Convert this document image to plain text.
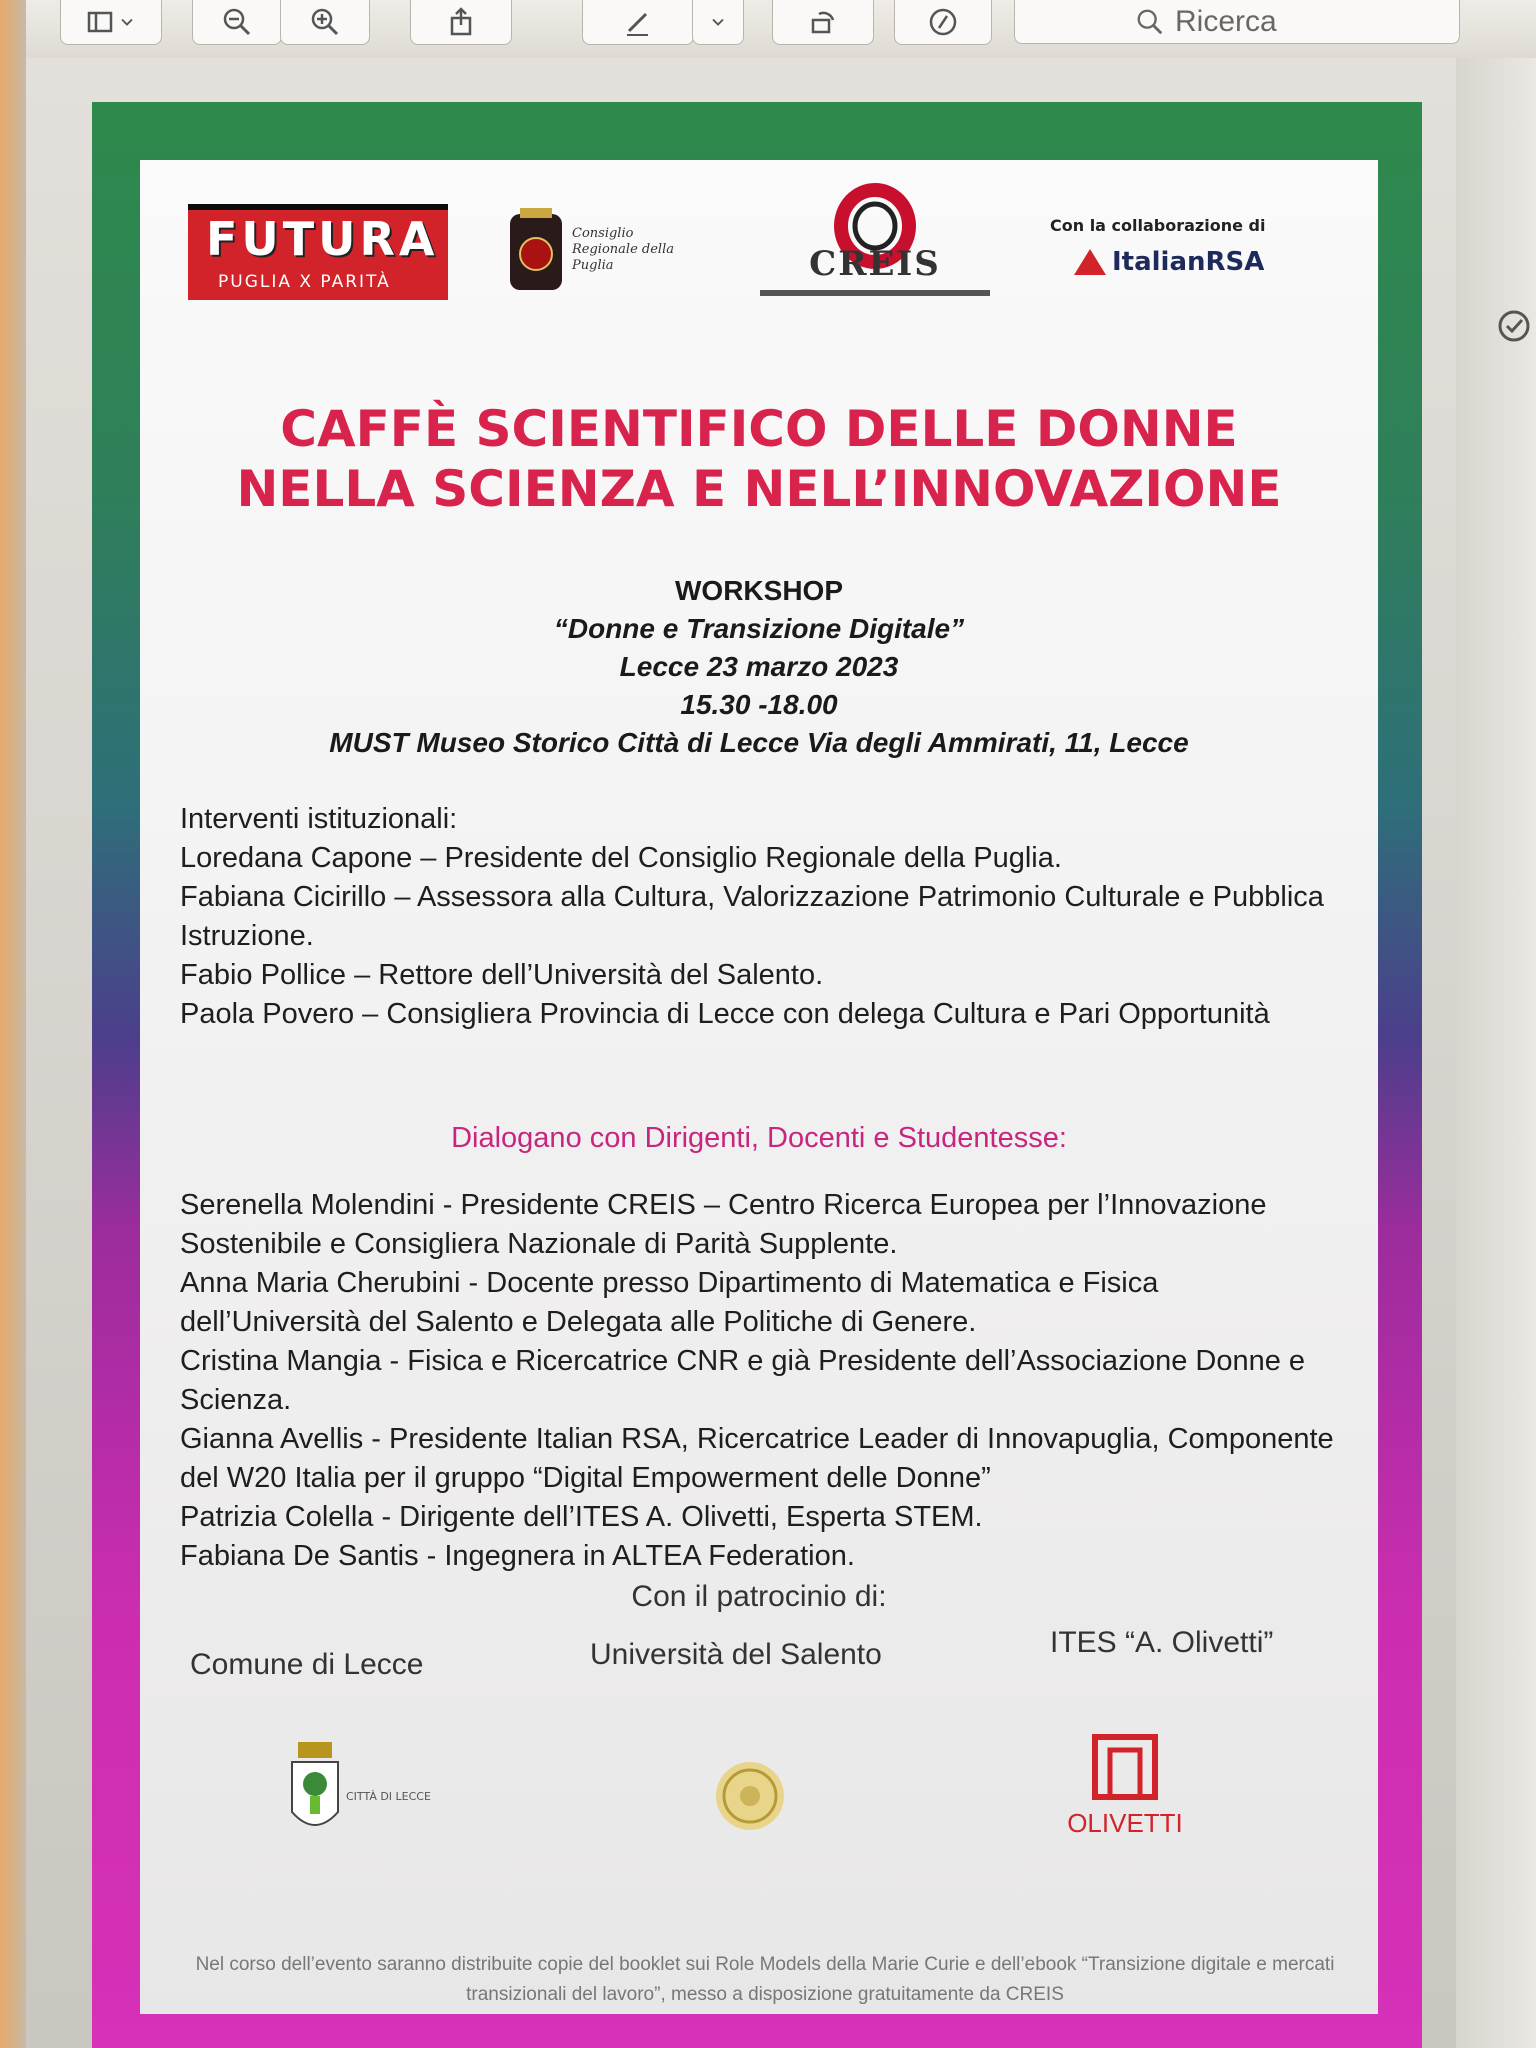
Ricerca
FUTURA
PUGLIA X PARITÀ
Consiglio Regionale della Puglia	CREIS
Con la collaborazione di
ItalianRSA
CAFFÈ SCIENTIFICO DELLE DONNE
NELLA SCIENZA E NELL’INNOVAZIONE
WORKSHOP
“Donne e Transizione Digitale”
Lecce 23 marzo 2023
15.30 -18.00
MUST Museo Storico Città di Lecce Via degli Ammirati, 11, Lecce
Interventi istituzionali:
Loredana Capone – Presidente del Consiglio Regionale della Puglia.
Fabiana Cicirillo – Assessora alla Cultura, Valorizzazione Patrimonio Culturale e Pubblica Istruzione.
Fabio Pollice – Rettore dell’Università del Salento.
Paola Povero – Consigliera Provincia di Lecce con delega Cultura e Pari Opportunità
Dialogano con Dirigenti, Docenti e Studentesse:
Serenella Molendini - Presidente CREIS – Centro Ricerca Europea per l’Innovazione Sostenibile e Consigliera Nazionale di Parità Supplente.
Anna Maria Cherubini - Docente presso Dipartimento di Matematica e Fisica dell’Università del Salento e Delegata alle Politiche di Genere.
Cristina Mangia - Fisica e Ricercatrice CNR e già Presidente dell’Associazione Donne e Scienza.
Gianna Avellis - Presidente Italian RSA, Ricercatrice Leader di Innovapuglia, Componente del W20 Italia per il gruppo “Digital Empowerment delle Donne”
Patrizia Colella - Dirigente dell’ITES A. Olivetti, Esperta STEM.
Fabiana De Santis - Ingegnera in ALTEA Federation.
Con il patrocinio di:
Comune di Lecce	Università del Salento	ITES “A. Olivetti”
CITTÀ DI LECCE
OLIVETTI
Nel corso dell’evento saranno distribuite copie del booklet sui Role Models della Marie Curie e dell’ebook “Transizione digitale e mercati transizionali del lavoro”, messo a disposizione gratuitamente da CREIS
